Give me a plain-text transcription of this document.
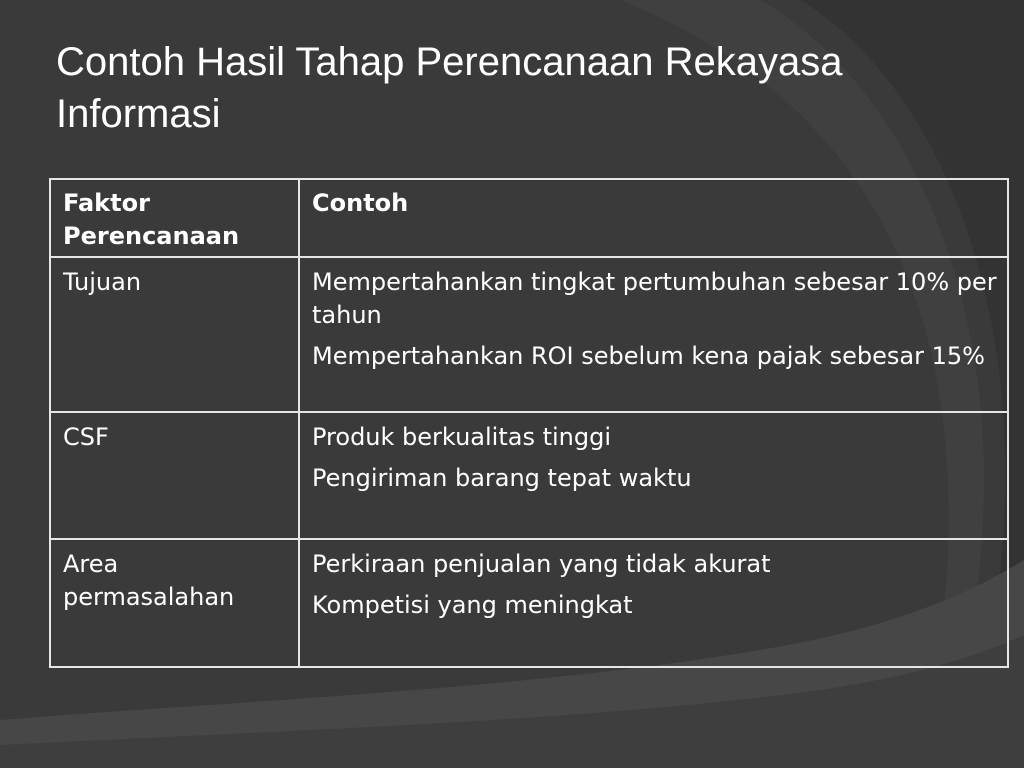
Contoh Hasil Tahap Perencanaan Rekayasa Informasi
Faktor Perencanaan	Contoh
Tujuan	Mempertahankan tingkat pertumbuhan sebesar 10% per tahun

Mempertahankan ROI sebelum kena pajak sebesar 15%

CSF	Produk berkualitas tinggi

Pengiriman barang tepat waktu

Area permasalahan	Perkiraan penjualan yang tidak akurat

Kompetisi yang meningkat
